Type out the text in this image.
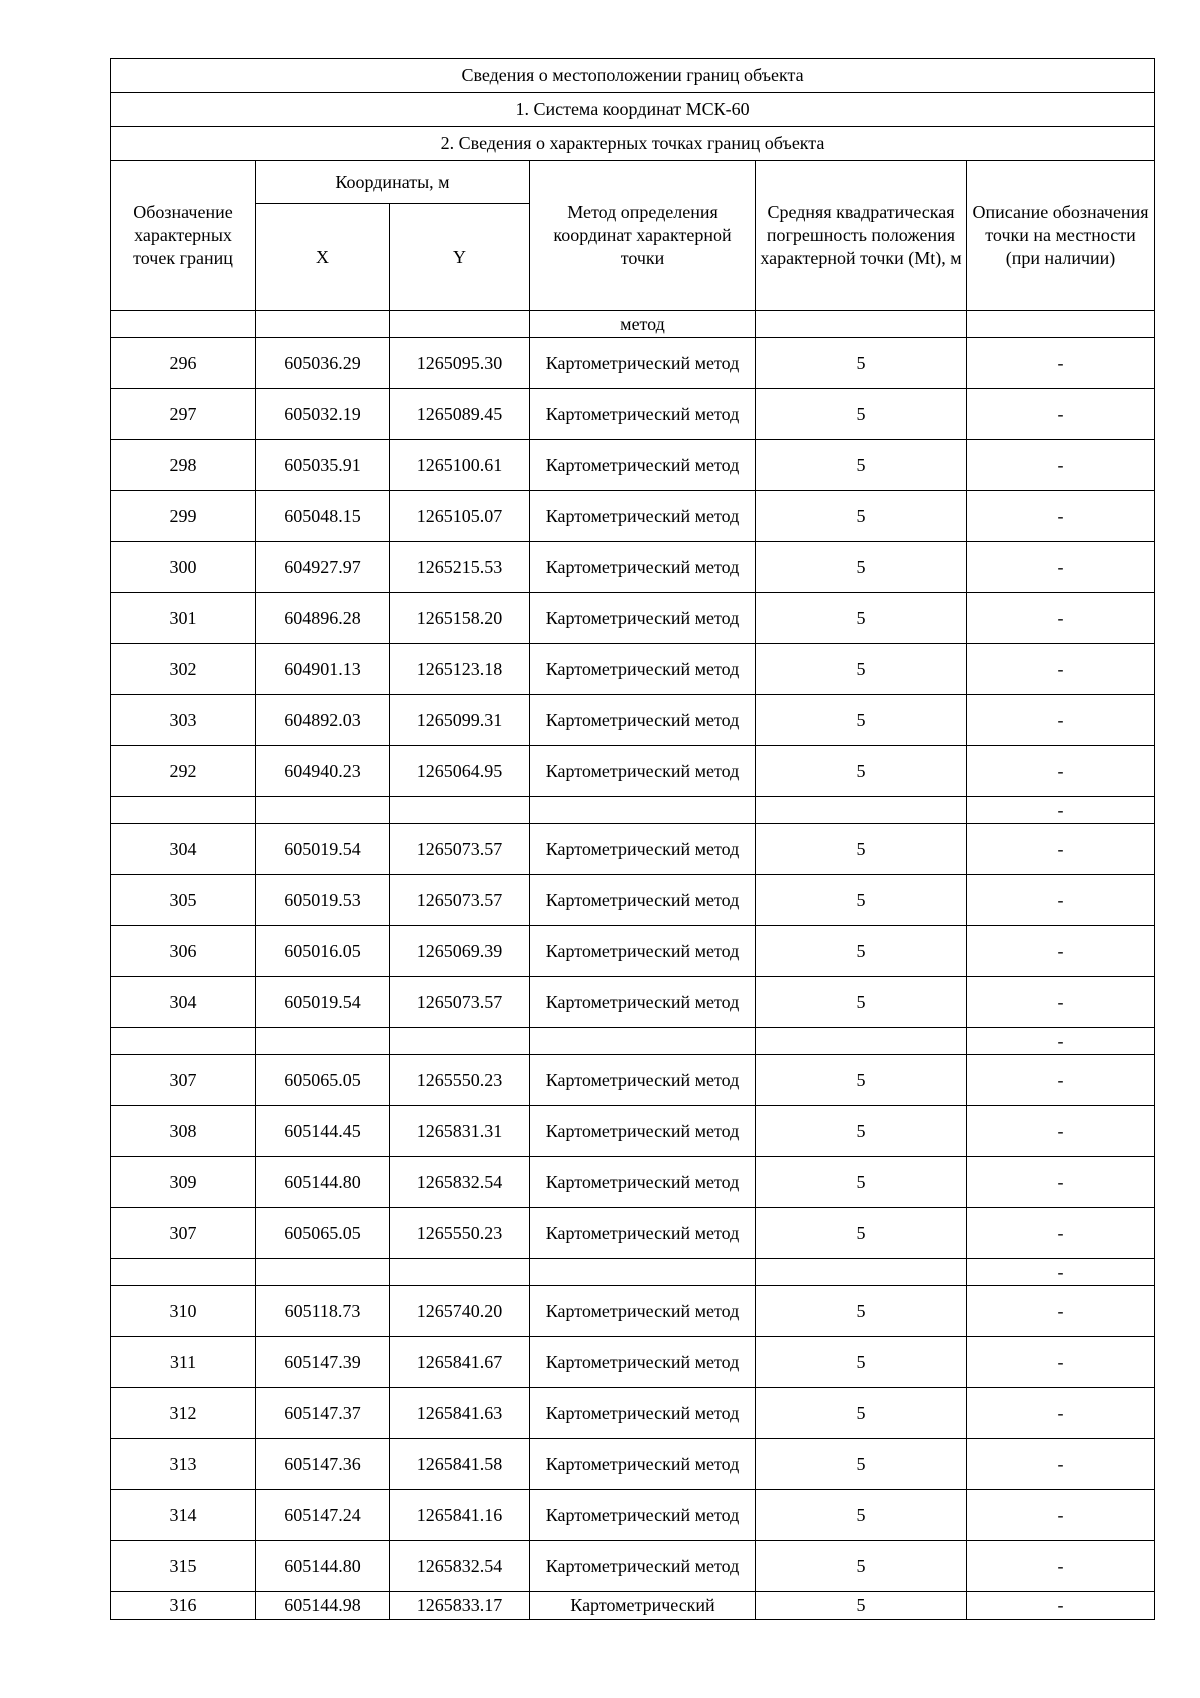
Сведения о местоположении границ объекта					
1. Система координат МСК-60					
2. Сведения о характерных точках границ объекта					
Обозначение характерных точек границ	Координаты, м		Метод определения координат характерной точки	Средняя квадратическая погрешность положения характерной точки (Mt), м	Описание обозначения точки на местности (при наличии)
	X	Y			
			метод		
296	605036.29	1265095.30	Картометрический метод	5	-
297	605032.19	1265089.45	Картометрический метод	5	-
298	605035.91	1265100.61	Картометрический метод	5	-
299	605048.15	1265105.07	Картометрический метод	5	-
300	604927.97	1265215.53	Картометрический метод	5	-
301	604896.28	1265158.20	Картометрический метод	5	-
302	604901.13	1265123.18	Картометрический метод	5	-
303	604892.03	1265099.31	Картометрический метод	5	-
292	604940.23	1265064.95	Картометрический метод	5	-
					-
304	605019.54	1265073.57	Картометрический метод	5	-
305	605019.53	1265073.57	Картометрический метод	5	-
306	605016.05	1265069.39	Картометрический метод	5	-
304	605019.54	1265073.57	Картометрический метод	5	-
					-
307	605065.05	1265550.23	Картометрический метод	5	-
308	605144.45	1265831.31	Картометрический метод	5	-
309	605144.80	1265832.54	Картометрический метод	5	-
307	605065.05	1265550.23	Картометрический метод	5	-
					-
310	605118.73	1265740.20	Картометрический метод	5	-
311	605147.39	1265841.67	Картометрический метод	5	-
312	605147.37	1265841.63	Картометрический метод	5	-
313	605147.36	1265841.58	Картометрический метод	5	-
314	605147.24	1265841.16	Картометрический метод	5	-
315	605144.80	1265832.54	Картометрический метод	5	-
316	605144.98	1265833.17	Картометрический	5	-
